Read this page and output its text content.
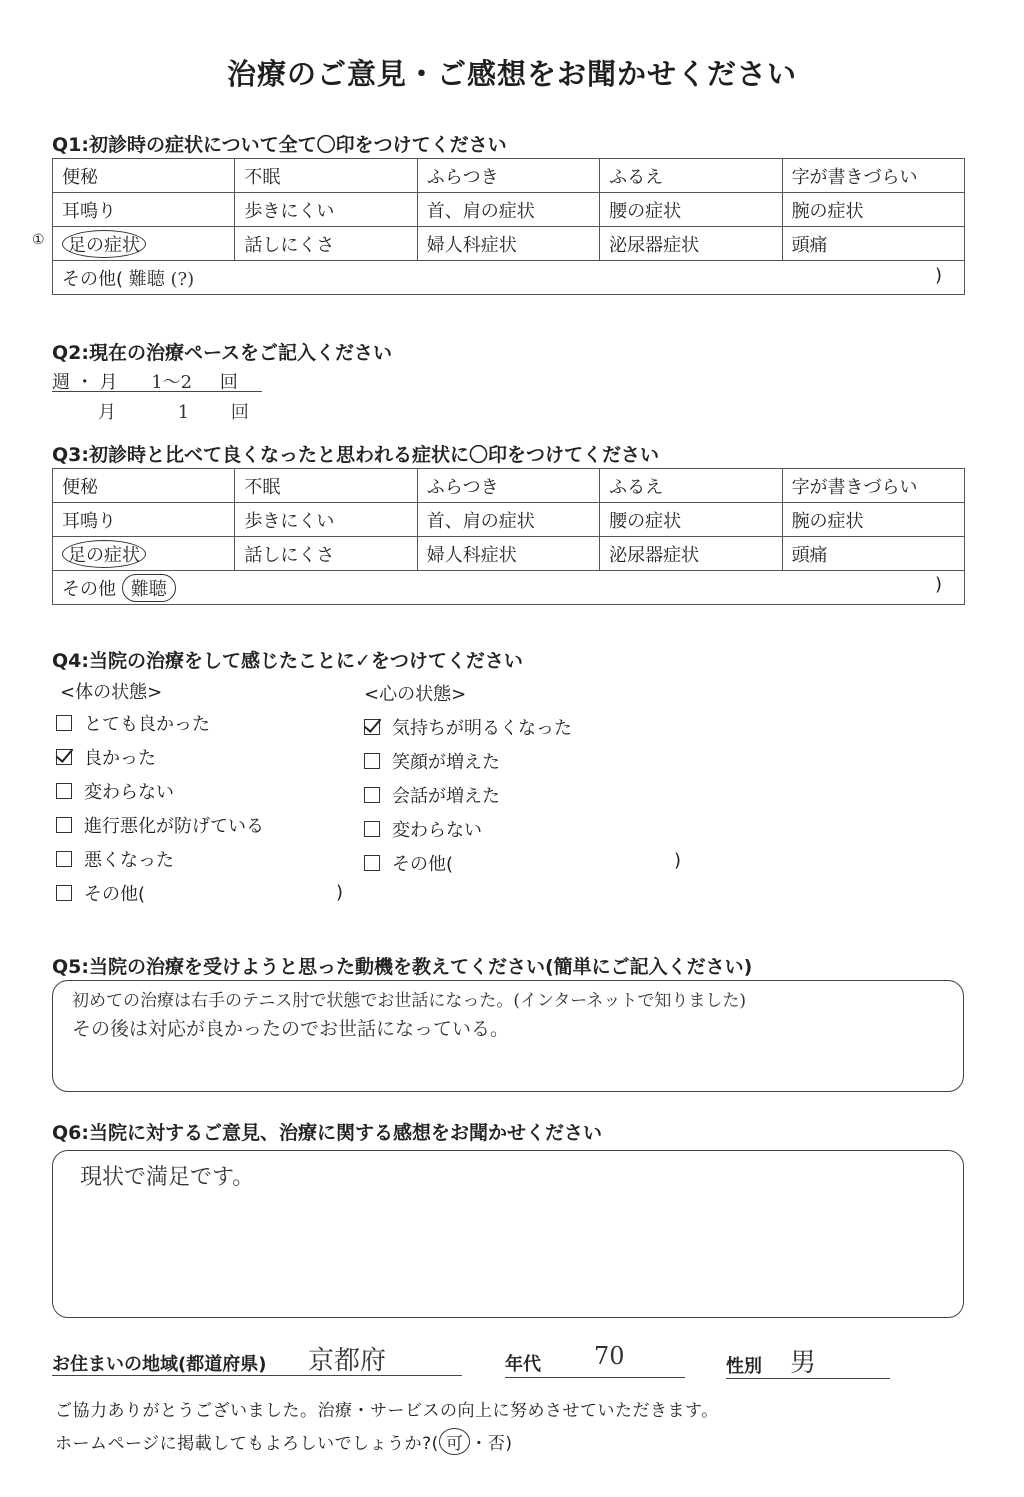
治療のご意見・ご感想をお聞かせください
Q1:初診時の症状について全て〇印をつけてください
便秘	不眠	ふらつき	ふるえ	字が書きづらい
耳鳴り	歩きにくい	首、肩の症状	腰の症状	腕の症状
足の症状	話しにくさ	婦人科症状	泌尿器症状	頭痛
その他( 難聴 (?) )				
①
Q2:現在の治療ペースをご記入ください
週 ・ 月 1〜2 回
月	1 回
Q3:初診時と比べて良くなったと思われる症状に〇印をつけてください
便秘	不眠	ふらつき	ふるえ	字が書きづらい
耳鳴り	歩きにくい	首、肩の症状	腰の症状	腕の症状
足の症状	話しにくさ	婦人科症状	泌尿器症状	頭痛
その他 難聴 )				
Q4:当院の治療をして感じたことに✓をつけてください
<体の状態>	<心の状態>
とても良かった
良かった
変わらない
進行悪化が防げている
悪くなった
その他(	)
気持ちが明るくなった
笑顔が増えた
会話が増えた
変わらない
その他(	)
Q5:当院の治療を受けようと思った動機を教えてください(簡単にご記入ください)
初めての治療は右手のテニス肘で状態でお世話になった。(インターネットで知りました)
その後は対応が良かったのでお世話になっている。
Q6:当院に対するご意見、治療に関する感想をお聞かせください
現状で満足です。
お住まいの地域(都道府県) 京都府	年代 70	性別 男
ご協力ありがとうございました。治療・サービスの向上に努めさせていただきます。
ホームページに掲載してもよろしいでしょうか?( 可 ・否)
